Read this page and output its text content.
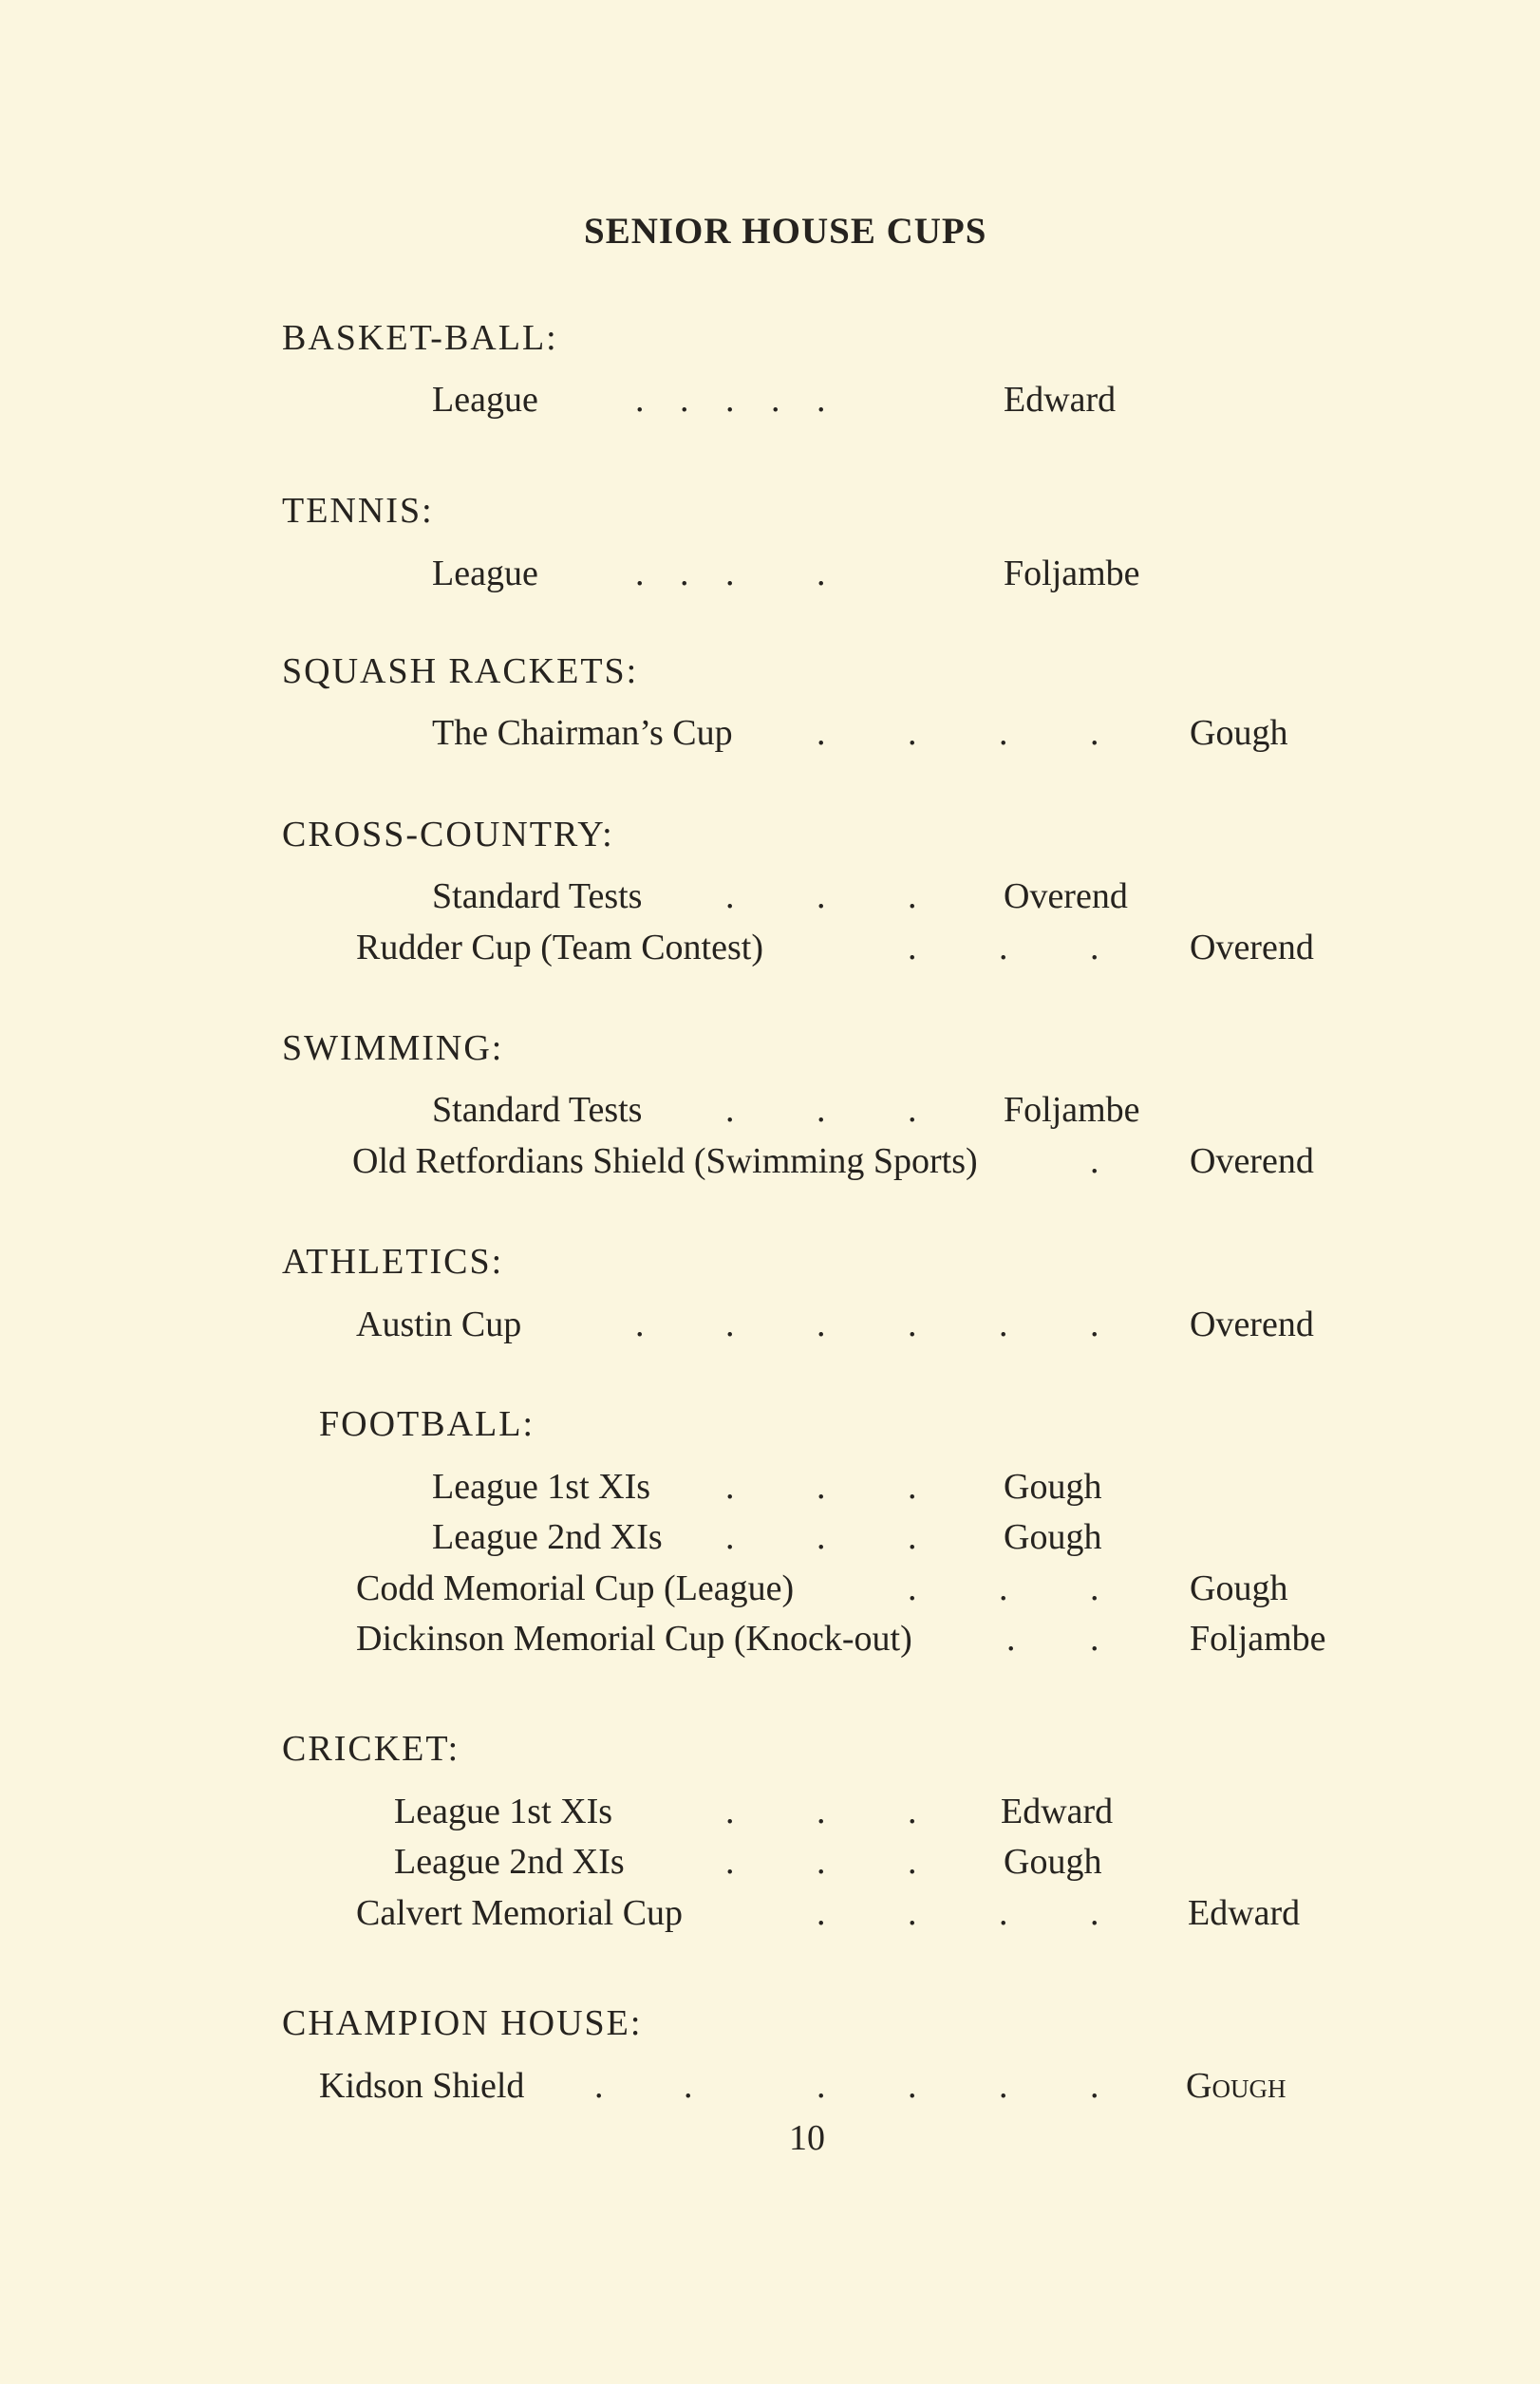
SENIOR HOUSE CUPS
BASKET-BALL:
League	. . . . .	Edward
TENNIS:
League	. . . .	Foljambe
SQUASH RACKETS:
The Chairman’s Cup . . . .	Gough
CROSS-COUNTRY:
Standard Tests . . . Overend
Rudder Cup (Team Contest)	. . .	Overend
SWIMMING:
Standard Tests . . . Foljambe
Old Retfordians Shield (Swimming Sports)	.	Overend
ATHLETICS:
Austin Cup	. . . . . .	Overend
FOOTBALL:
League 1st XIs . . . Gough
League 2nd XIs . . . Gough
Codd Memorial Cup (League)	. . .	Gough
Dickinson Memorial Cup (Knock-out)	. .	Foljambe
CRICKET:
League 1st XIs	. . . Edward
League 2nd XIs	. . . Gough
Calvert Memorial Cup	. . . . Edward
CHAMPION HOUSE:
Kidson Shield . .	. . . . Gough
10
